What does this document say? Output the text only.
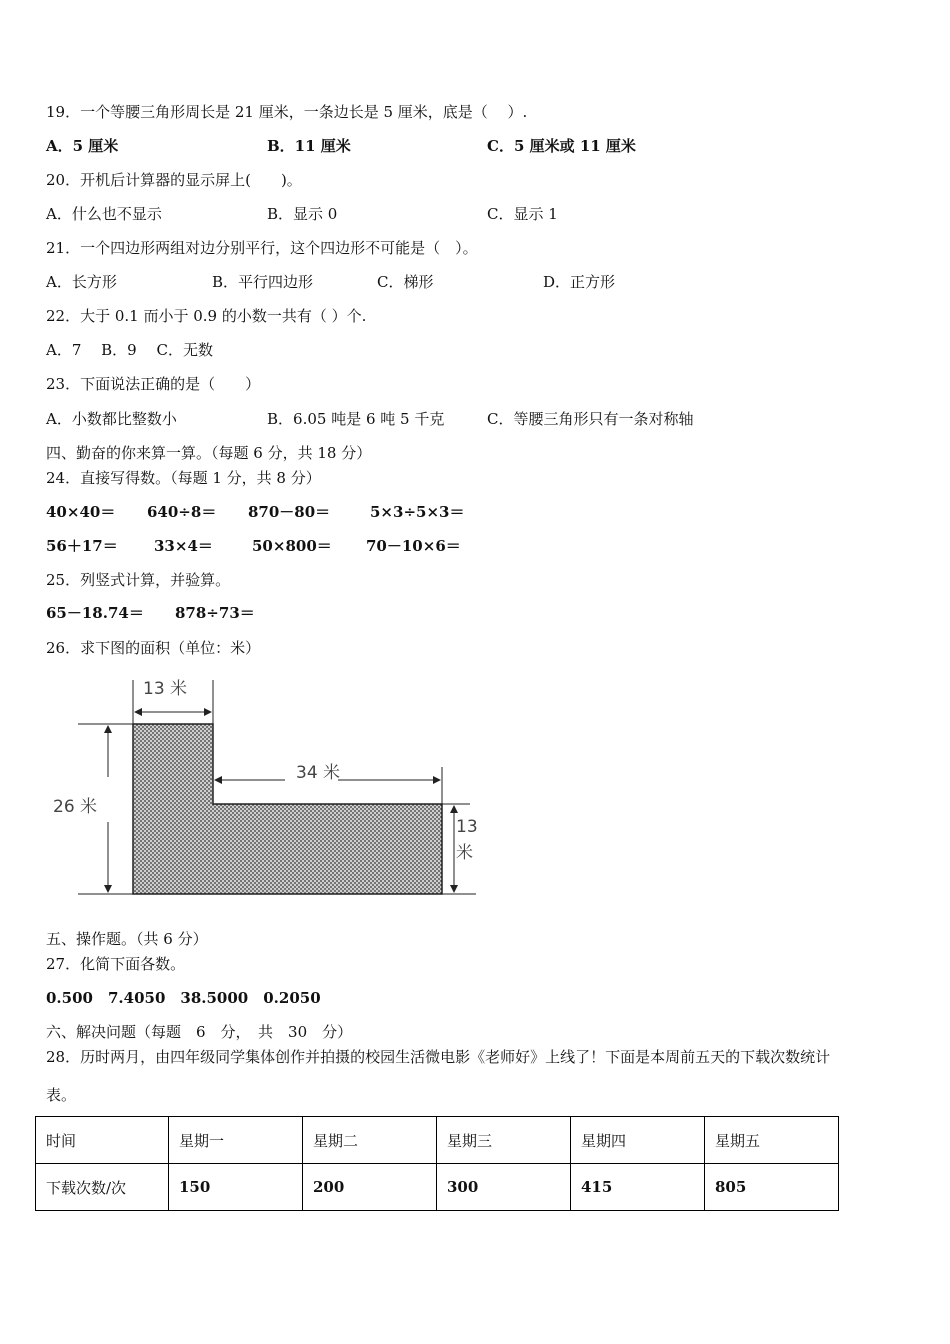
19．一个等腰三角形周长是 21 厘米，一条边长是 5 厘米，底是（　 ）.
A．5 厘米	B．11 厘米	C．5 厘米或 11 厘米
20．开机后计算器的显示屏上(　　)。
A．什么也不显示	B．显示 0	C．显示 1
21．一个四边形两组对边分别平行，这个四边形不可能是（　）。
A．长方形	B．平行四边形	C．梯形	D．正方形
22．大于 0.1 而小于 0.9 的小数一共有（ ）个.
A．7　 B．9　 C．无数
23．下面说法正确的是（　　）
A．小数都比整数小	B．6.05 吨是 6 吨 5 千克	C．等腰三角形只有一条对称轴
四、勤奋的你来算一算。（每题 6 分，共 18 分）
24．直接写得数。（每题 1 分，共 8 分）
40×40＝ 640÷8＝ 870－80＝	5×3÷5×3＝
56＋17＝ 33×4＝	50×800＝ 70－10×6＝
25．列竖式计算，并验算。
65－18.74＝ 878÷73＝
26．求下图的面积（单位：米）
13 米
26 米
34 米
13
米
五、操作题。（共 6 分）
27．化简下面各数。
0.500　7.4050　38.5000　0.2050
六、解决问题（每题　6　分，　共　30　分）
28．历时两月，由四年级同学集体创作并拍摄的校园生活微电影《老师好》上线了！下面是本周前五天的下载次数统计
表。
时间	星期一	星期二	星期三	星期四	星期五
下载次数/次	150	200	300	415	805
